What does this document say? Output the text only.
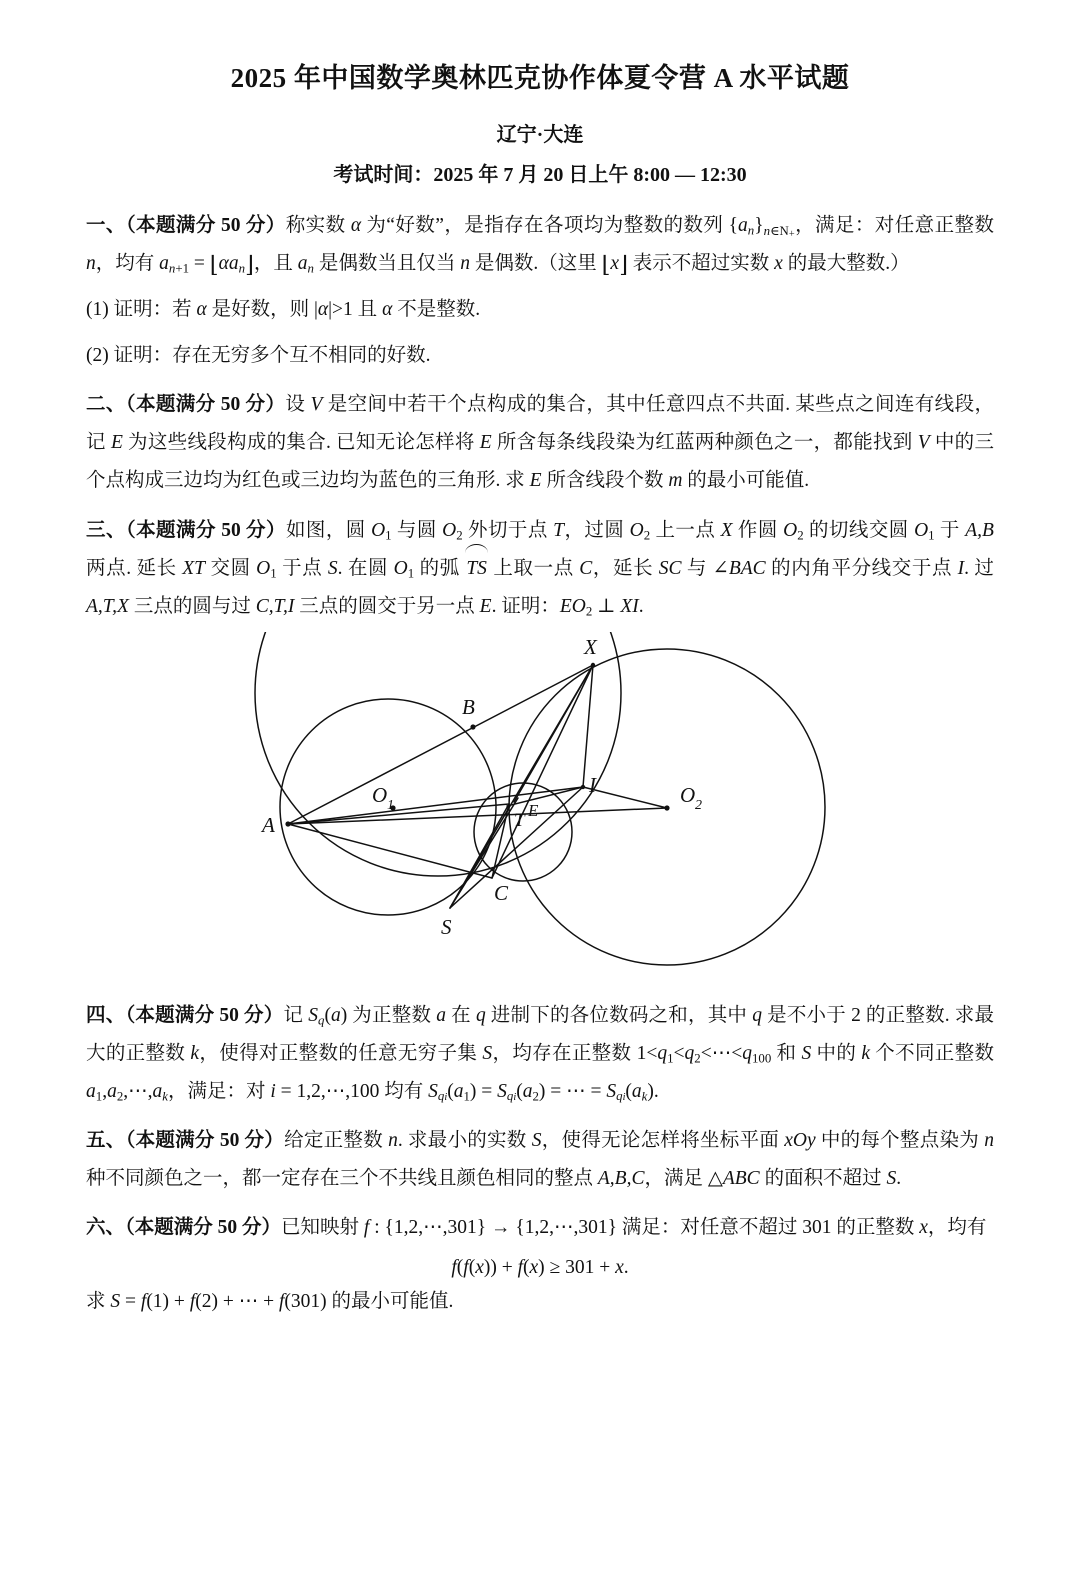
2025 年中国数学奥林匹克协作体夏令营 A 水平试题
辽宁·大连
考试时间：2025 年 7 月 20 日上午 8:00 — 12:30
一、（本题满分 50 分）称实数 α 为“好数”，是指存在各项均为整数的数列 $\{a_n\}n\in N+$，满足：对任意正整数 n，均有 $a_n+1$ = $⌊\alpha a_n⌋$，且 $a_n$ 是偶数当且仅当 n 是偶数.（这里 ⌊x⌋ 表示不超过实数 x 的最大整数.）
(1) 证明：若 α 是好数，则 |α|>1 且 α 不是整数.
(2) 证明：存在无穷多个互不相同的好数.
二、（本题满分 50 分）设 V 是空间中若干个点构成的集合，其中任意四点不共面. 某些点之间连有线段，记 E 为这些线段构成的集合. 已知无论怎样将 E 所含每条线段染为红蓝两种颜色之一，都能找到 V 中的三个点构成三边均为红色或三边均为蓝色的三角形. 求 E 所含线段个数 m 的最小可能值.
三、（本题满分 50 分）如图，圆 O1 与圆 O2 外切于点 T，过圆 O2 上一点 X 作圆 O2 的切线交圆 O1 于 A,B 两点. 延长 XT 交圆 O1 于点 S. 在圆 O1 的弧 TS 上取一点 C，延长 SC 与 ∠BAC 的内角平分线交于点 I. 过 A,T,X 三点的圆与过 C,T,I 三点的圆交于另一点 E. 证明：EO2 ⊥ XI.
A
B
C
S
X
I
T E
O 1	O 2
四、（本题满分 50 分）记 $S_q(a)$ 为正整数 a 在 q 进制下的各位数码之和，其中 q 是不小于 2 的正整数. 求最大的正整数 k，使得对正整数的任意无穷子集 S，均存在正整数 1<q1<q2<⋯<q100 和 S 中的 k 个不同正整数 $a1,a2,\cdots,a_k$，满足：对 i = 1,2,⋯,100 均有 $S_{qi}(a1) = S_{qi}(a2)$ = ⋯ = $S_{qi}(a_k)$.
五、（本题满分 50 分）给定正整数 n. 求最小的实数 S，使得无论怎样将坐标平面 xOy 中的每个整点染为 n 种不同颜色之一，都一定存在三个不共线且颜色相同的整点 A,B,C，满足 △ABC 的面积不超过 S.
六、（本题满分 50 分）已知映射 f : {1,2,⋯,301} → {1,2,⋯,301} 满足：对任意不超过 301 的正整数 x，均有
f(f(x)) + f(x) ≥ 301 + x.
求 S = f(1) + f(2) + ⋯ + f(301) 的最小可能值.
